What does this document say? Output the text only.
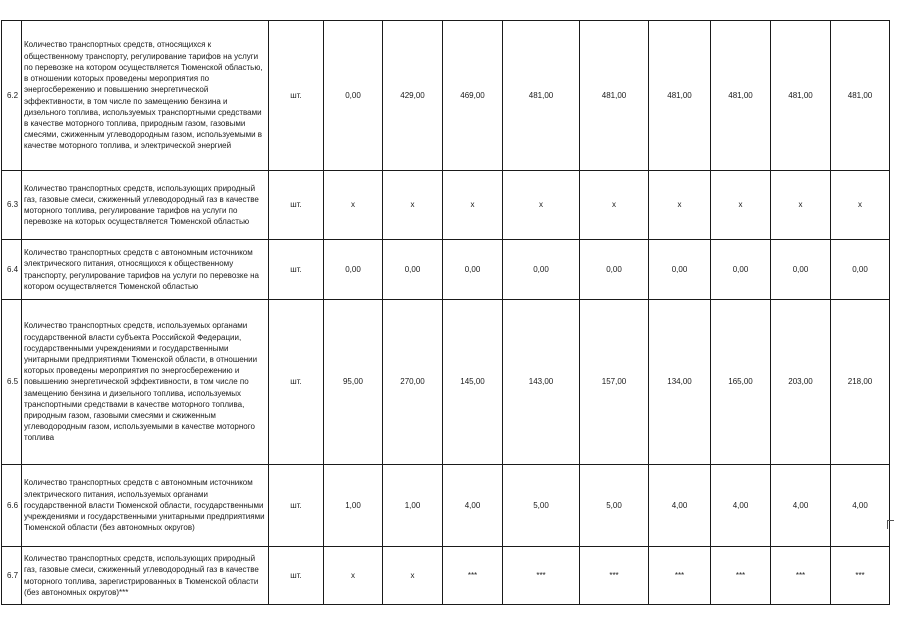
6.2	Количество транспортных средств, относящихся к общественному транспорту, регулирование тарифов на услуги по перевозке на котором осуществляется Тюменской областью, в отношении которых проведены мероприятия по энергосбережению и повышению энергетической эффективности, в том числе по замещению бензина и дизельного топлива, используемых транспортными средствами в качестве моторного топлива, природным газом, газовыми смесями, сжиженным углеводородным газом, используемыми в качестве моторного топлива, и электрической энергией	шт.	0,00	429,00	469,00	481,00	481,00	481,00	481,00	481,00	481,00
6.3	Количество транспортных средств, использующих природный газ, газовые смеси, сжиженный углеводородный газ в качестве моторного топлива, регулирование тарифов на услуги по перевозке на которых осуществляется Тюменской областью	шт.	x	x	x	x	x	x	x	x	x
6.4	Количество транспортных средств с автономным источником электрического питания, относящихся к общественному транспорту, регулирование тарифов на услуги по перевозке на котором осуществляется Тюменской областью	шт.	0,00	0,00	0,00	0,00	0,00	0,00	0,00	0,00	0,00
6.5	Количество транспортных средств, используемых органами государственной власти субъекта Российской Федерации, государственными учреждениями и государственными унитарными предприятиями Тюменской области, в отношении которых проведены мероприятия по энергосбережению и повышению энергетической эффективности, в том числе по замещению бензина и дизельного топлива, используемых транспортными средствами в качестве моторного топлива, природным газом, газовыми смесями и сжиженным углеводородным газом, используемыми в качестве моторного топлива	шт.	95,00	270,00	145,00	143,00	157,00	134,00	165,00	203,00	218,00
6.6	Количество транспортных средств с автономным источником электрического питания, используемых органами государственной власти Тюменской области, государственными учреждениями и государственными унитарными предприятиями Тюменской области (без автономных округов)	шт.	1,00	1,00	4,00	5,00	5,00	4,00	4,00	4,00	4,00
6.7	Количество транспортных средств, использующих природный газ, газовые смеси, сжиженный углеводородный газ в качестве моторного топлива, зарегистрированных в Тюменской области (без автономных округов)***	шт.	x	x	***	***	***	***	***	***	***
